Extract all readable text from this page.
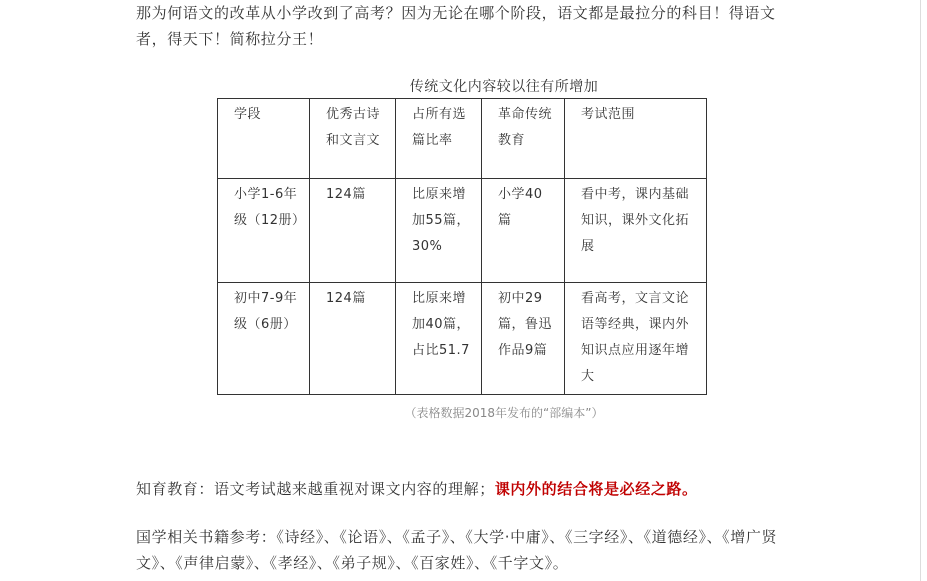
那为何语文的改革从小学改到了高考？因为无论在哪个阶段，语文都是最拉分的科目！得语文者，得天下！简称拉分王！

传统文化内容较以往有所增加
学段	优秀古诗和文言文	占所有选篇比率	革命传统教育	考试范围

小学1-6年级（12册）	124篇	比原来增加55篇，30%	小学40篇	看中考，课内基础知识，课外文化拓展

初中7-9年级（6册）	124篇	比原来增加40篇，占比51.7	初中29篇，鲁迅作品9篇	看高考，文言文论语等经典，课内外知识点应用逐年增大
（表格数据2018年发布的“部编本”）

知育教育：语文考试越来越重视对课文内容的理解；课内外的结合将是必经之路。

国学相关书籍参考：《诗经》、《论语》、《孟子》、《大学·中庸》、《三字经》、《道德经》、《增广贤文》、《声律启蒙》、《孝经》、《弟子规》、《百家姓》、《千字文》。
